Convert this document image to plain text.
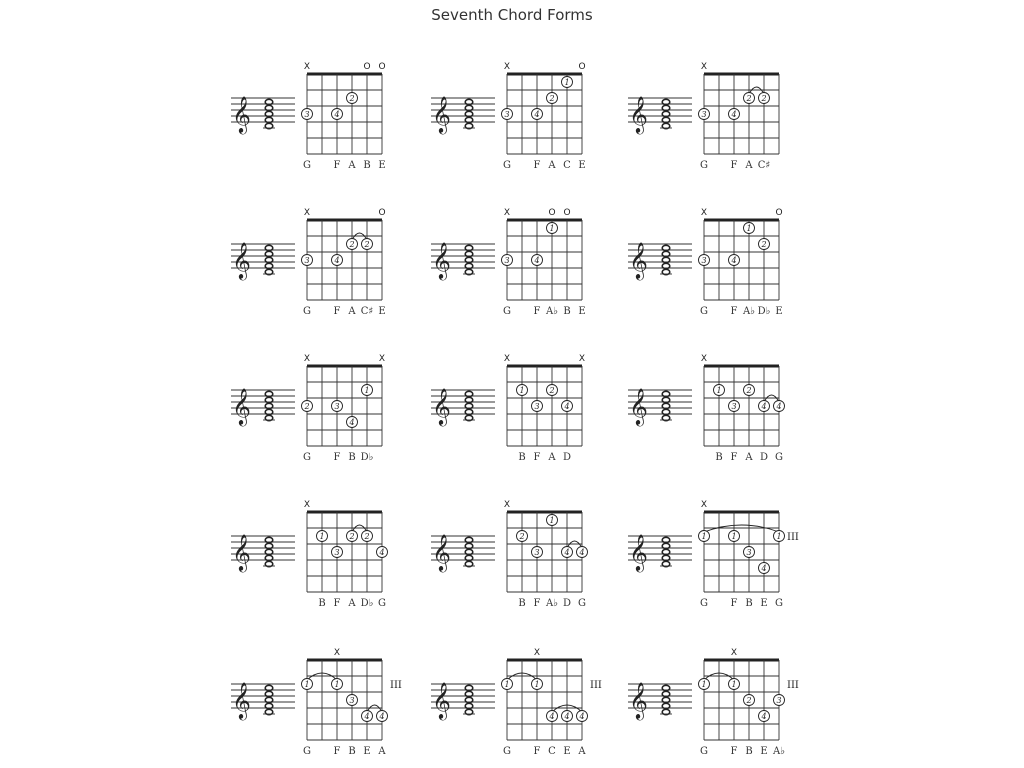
Seventh Chord Forms
𝄞
X	O O
3	4
2
G F A B E
𝄞
X	O
3	4
2
1
G F A C E
𝄞
X
3	4
2 2
G F A C♯
𝄞
X	O
3	4
2 2
G F A C♯ E
𝄞
X	O O
3	4
1
G F A♭ B E
𝄞
X	O
3	4
1
2
G F A♭ D♭ E
𝄞
X	X
2	3
4
1
G F B D♭
𝄞
X	X
1
3
2
4
B F A D
𝄞
X
1
3
2
4 4
B F A D G
𝄞
X
1
3
2 2
4
B F A D♭ G
𝄞
X
2
3
1
4 4
B F A♭ D G
𝄞
X
1	1
3
4
1 III
G F B E G
𝄞
X
1	1
3
4 4
III
G F B E A
𝄞
X
1	1
4 4 4
III
G F C E A
𝄞
X
1	1
2
4
3
III
G F B E A♭
